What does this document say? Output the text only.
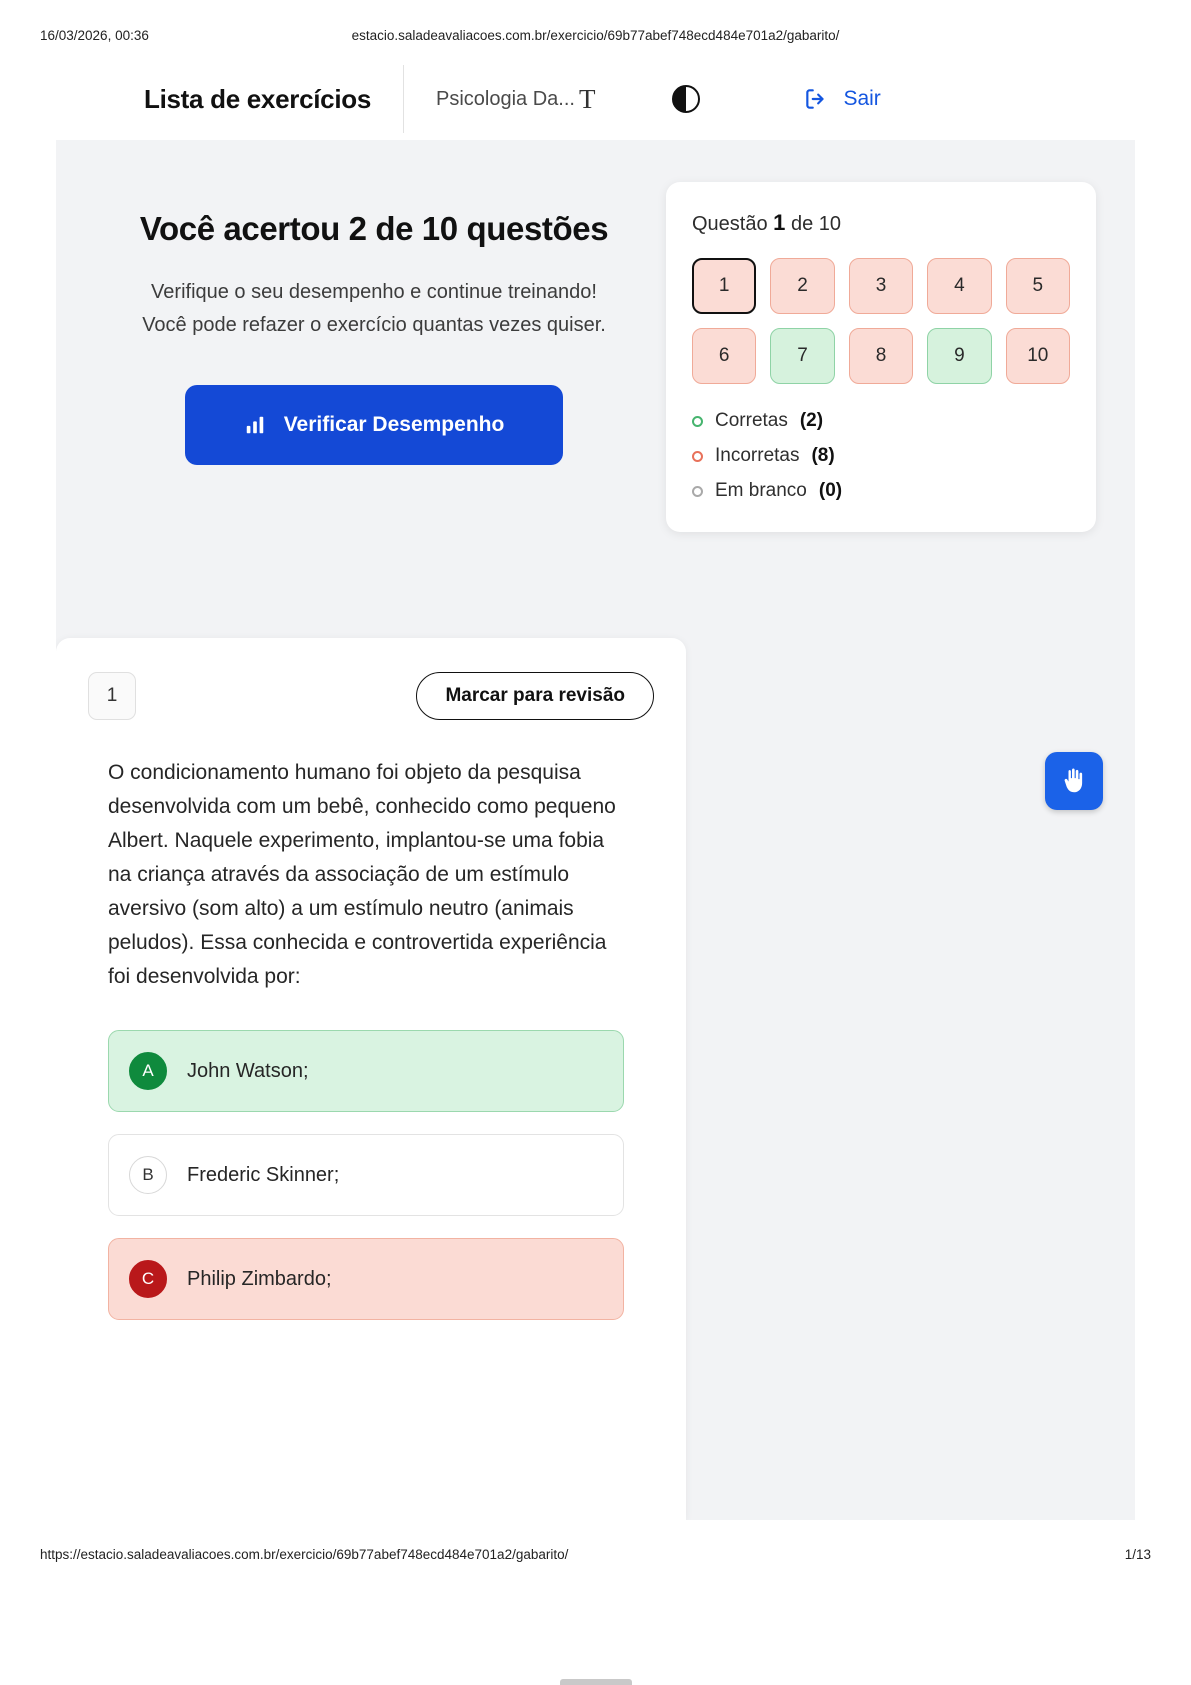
16/03/2026, 00:36	estacio.saladeavaliacoes.com.br/exercicio/69b77abef748ecd484e701a2/gabarito/
Lista de exercícios	Psicologia Da... T	Sair
Você acertou 2 de 10 questões

Verifique o seu desempenho e continue treinando! Você pode refazer o exercício quantas vezes quiser.

Verificar Desempenho
Questão 1 de 10
1	2	3	4	5
6	7	8	9	10
Corretas (2)
Incorretas (8)
Em branco (0)
1	Marcar para revisão

O condicionamento humano foi objeto da pesquisa desenvolvida com um bebê, conhecido como pequeno Albert. Naquele experimento, implantou-se uma fobia na criança através da associação de um estímulo aversivo (som alto) a um estímulo neutro (animais peludos). Essa conhecida e controvertida experiência foi desenvolvida por:

A	John Watson;
B	Frederic Skinner;
C	Philip Zimbardo;
https://estacio.saladeavaliacoes.com.br/exercicio/69b77abef748ecd484e701a2/gabarito/	1/13
